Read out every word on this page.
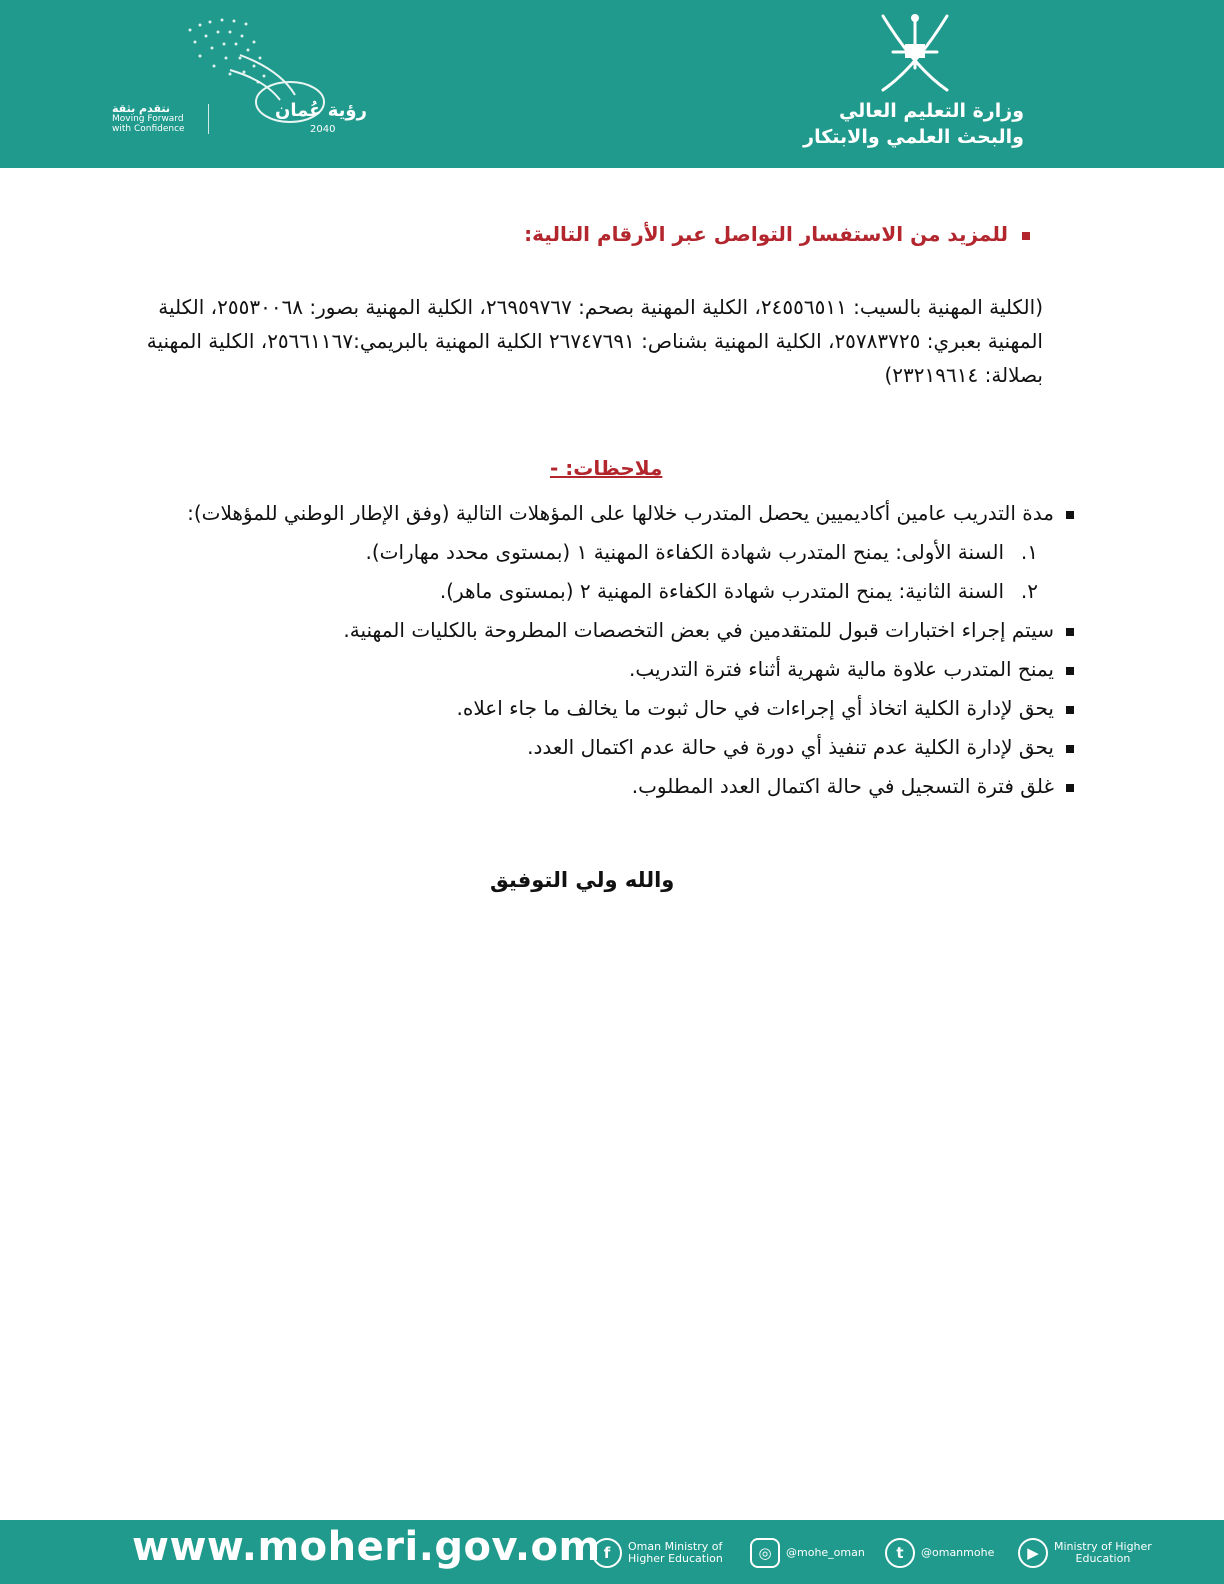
وزارة التعليم العالي
والبحث العلمي والابتكار
رؤية عُمان
2040
نتقدم بثقة
Moving Forward
with Confidence
للمزيد من الاستفسار التواصل عبر الأرقام التالية:
(الكلية المهنية بالسيب: ٢٤٥٥٦٥١١، الكلية المهنية بصحم: ٢٦٩٥٩٧٦٧، الكلية المهنية بصور: ٢٥٥٣٠٠٦٨، الكلية المهنية بعبري: ٢٥٧٨٣٧٢٥، الكلية المهنية بشناص: ٢٦٧٤٧٦٩١ الكلية المهنية بالبريمي:٢٥٦٦١١٦٧، الكلية المهنية بصلالة: ٢٣٢١٩٦١٤)
ملاحظات: -
مدة التدريب عامين أكاديميين يحصل المتدرب خلالها على المؤهلات التالية (وفق الإطار الوطني للمؤهلات):
١.السنة الأولى: يمنح المتدرب شهادة الكفاءة المهنية ١ (بمستوى محدد مهارات).
٢.السنة الثانية: يمنح المتدرب شهادة الكفاءة المهنية ٢ (بمستوى ماهر).
سيتم إجراء اختبارات قبول للمتقدمين في بعض التخصصات المطروحة بالكليات المهنية.
يمنح المتدرب علاوة مالية شهرية أثناء فترة التدريب.
يحق لإدارة الكلية اتخاذ أي إجراءات في حال ثبوت ما يخالف ما جاء اعلاه.
يحق لإدارة الكلية عدم تنفيذ أي دورة في حالة عدم اكتمال العدد.
غلق فترة التسجيل في حالة اكتمال العدد المطلوب.
والله ولي التوفيق
www.moheri.gov.om f	Oman Ministry of
Higher Education	◎	@mohe_oman	t	@omanmohe	▶	Ministry of Higher
Education
